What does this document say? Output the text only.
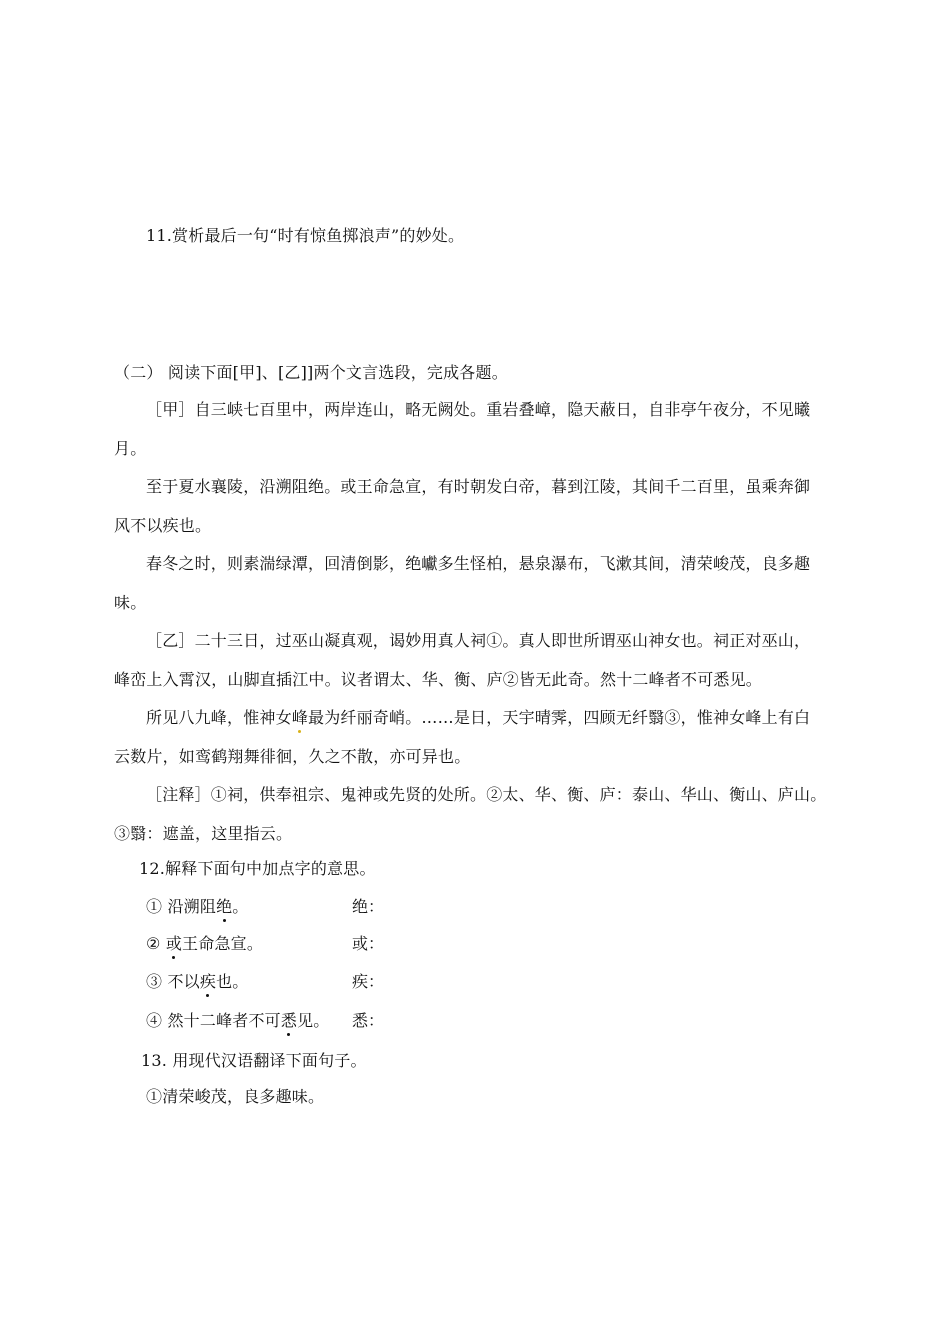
11.赏析最后一句“时有惊鱼掷浪声”的妙处。
（二） 阅读下面[甲]、[乙]]两个文言选段，完成各题。
［甲］自三峡七百里中，两岸连山，略无阙处。重岩叠嶂，隐天蔽日，自非亭午夜分，不见曦
月。
至于夏水襄陵，沿溯阻绝。或王命急宣，有时朝发白帝，暮到江陵，其间千二百里，虽乘奔御
风不以疾也。
春冬之时，则素湍绿潭，回清倒影，绝巘多生怪柏，悬泉瀑布，飞漱其间，清荣峻茂，良多趣
味。
［乙］二十三日，过巫山凝真观，谒妙用真人祠①。真人即世所谓巫山神女也。祠正对巫山，
峰峦上入霄汉，山脚直插江中。议者谓太、华、衡、庐②皆无此奇。然十二峰者不可悉见。
所见八九峰，惟神女峰最为纤丽奇峭。……是日，天宇晴霁，四顾无纤翳③，惟神女峰上有白
云数片，如鸾鹤翔舞徘徊，久之不散，亦可异也。
［注释］①祠，供奉祖宗、鬼神或先贤的处所。②太、华、衡、庐：泰山、华山、衡山、庐山。
③翳：遮盖，这里指云。
12.解释下面句中加点字的意思。
① 沿溯阻绝。	绝：
② 或王命急宣。	或：
③ 不以疾也。	疾：
④ 然十二峰者不可悉见。 悉：
13. 用现代汉语翻译下面句子。
①清荣峻茂，良多趣味。
